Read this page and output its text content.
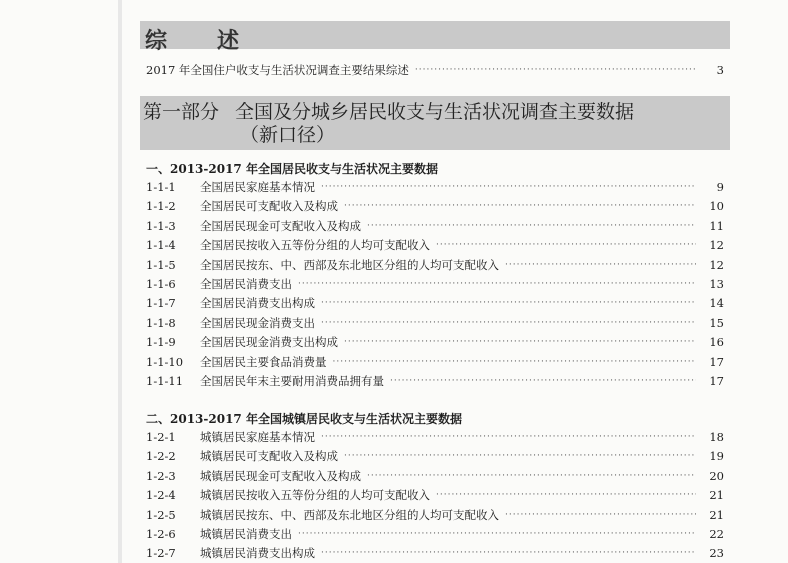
综　述
2017 年全国住户收支与生活状况调查主要结果综述 ·····	3
第一部分 全国及分城乡居民收支与生活状况调查主要数据
（新口径）
一、2013-2017 年全国居民收支与生活状况主要数据
1-1-1	全国居民家庭基本情况 ·····	9
1-1-2	全国居民可支配收入及构成 ·····	10
1-1-3	全国居民现金可支配收入及构成 ·····	11
1-1-4	全国居民按收入五等份分组的人均可支配收入 ·····	12
1-1-5	全国居民按东、中、西部及东北地区分组的人均可支配收入 ·····	12
1-1-6	全国居民消费支出 ·····	13
1-1-7	全国居民消费支出构成 ·····	14
1-1-8	全国居民现金消费支出 ·····	15
1-1-9	全国居民现金消费支出构成 ·····	16
1-1-10	全国居民主要食品消费量 ·····	17
1-1-11	全国居民年末主要耐用消费品拥有量 ·····	17
二、2013-2017 年全国城镇居民收支与生活状况主要数据
1-2-1	城镇居民家庭基本情况 ·····	18
1-2-2	城镇居民可支配收入及构成 ·····	19
1-2-3	城镇居民现金可支配收入及构成 ·····	20
1-2-4	城镇居民按收入五等份分组的人均可支配收入 ·····	21
1-2-5	城镇居民按东、中、西部及东北地区分组的人均可支配收入 ·····	21
1-2-6	城镇居民消费支出 ·····	22
1-2-7	城镇居民消费支出构成 ·····	23
